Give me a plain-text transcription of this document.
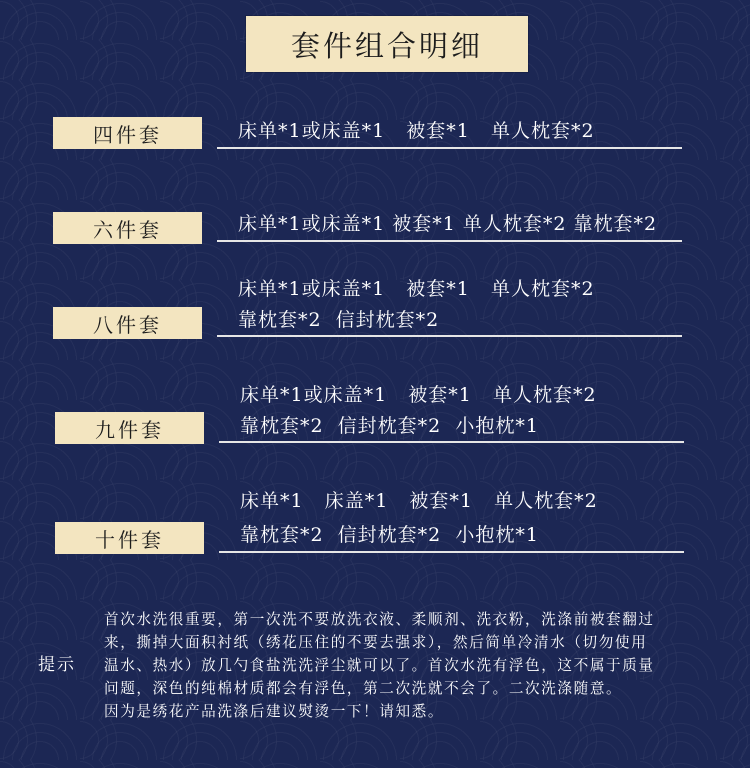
套件组合明细
四件套	床单*1或床盖*1   被套*1   单人枕套*2
六件套	床单*1或床盖*1 被套*1 单人枕套*2 靠枕套*2
八件套
床单*1或床盖*1   被套*1   单人枕套*2
靠枕套*2  信封枕套*2
九件套
床单*1或床盖*1   被套*1   单人枕套*2
靠枕套*2  信封枕套*2  小抱枕*1
十件套
床单*1   床盖*1   被套*1   单人枕套*2
靠枕套*2  信封枕套*2  小抱枕*1
提示
首次水洗很重要，第一次洗不要放洗衣液、柔顺剂、洗衣粉，洗涤前被套翻过
来，撕掉大面积衬纸（绣花压住的不要去强求），然后简单冷清水（切勿使用
温水、热水）放几勺食盐洗洗浮尘就可以了。首次水洗有浮色，这不属于质量
问题，深色的纯棉材质都会有浮色，第二次洗就不会了。二次洗涤随意。
因为是绣花产品洗涤后建议熨烫一下！请知悉。
